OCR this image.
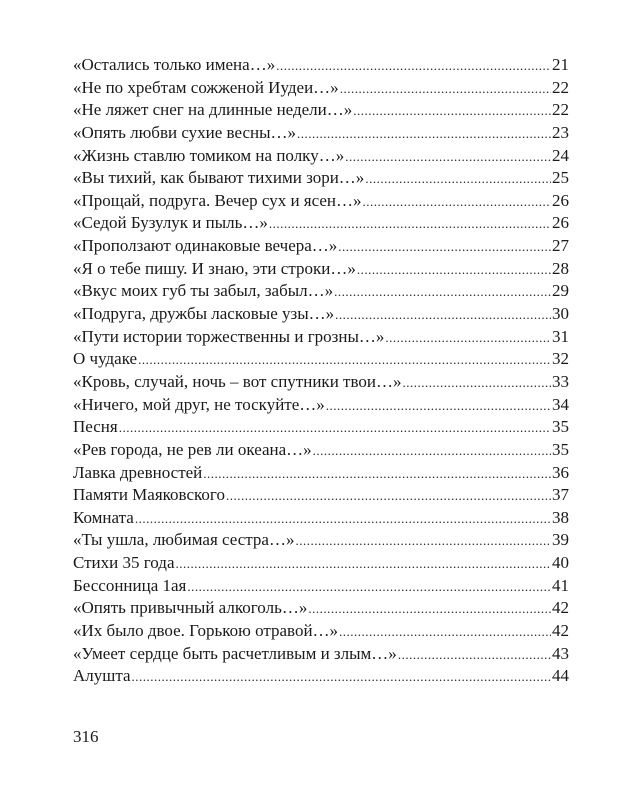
«Остались только имена…» .....	21
«Не по хребтам сожженой Иудеи…» .....	22
«Не ляжет снег на длинные недели…» .....	22
«Опять любви сухие весны…» .....	23
«Жизнь ставлю томиком на полку…» .....	24
«Вы тихий, как бывают тихими зори…» .....	25
«Прощай, подруга. Вечер сух и ясен…» .....	26
«Седой Бузулук и пыль…» .....	26
«Проползают одинаковые вечера…» .....	27
«Я о тебе пишу. И знаю, эти строки…» .....	28
«Вкус моих губ ты забыл, забыл…» .....	29
«Подруга, дружбы ласковые узы…» .....	30
«Пути истории торжественны и грозны…» .....	31
О чудаке .....	32
«Кровь, случай, ночь – вот спутники твои…» .....	33
«Ничего, мой друг, не тоскуйте…» .....	34
Песня .....	35
«Рев города, не рев ли океана…» .....	35
Лавка древностей .....	36
Памяти Маяковского .....	37
Комната .....	38
«Ты ушла, любимая сестра…» .....	39
Стихи 35 года .....	40
Бессонница 1ая .....	41
«Опять привычный алкоголь…» .....	42
«Их было двое. Горькою отравой…» .....	42
«Умеет сердце быть расчетливым и злым…» .....	43
Алушта .....	44
316
